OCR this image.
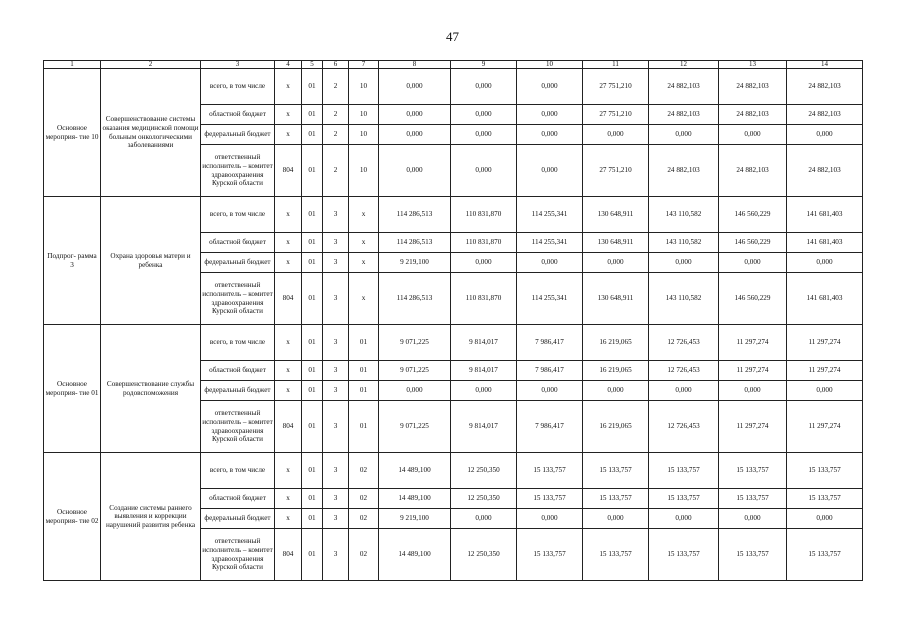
47
1	2	3	4	5	6	7	8	9	10	11	12	13	14
Основное мероприя- тие 10	Совершенствование системы оказания медицинской помощи больным онкологическими заболеваниями	всего, в том числе	х	01	2	10	0,000	0,000	0,000	27 751,210	24 882,103	24 882,103	24 882,103
		областной бюджет	х	01	2	10	0,000	0,000	0,000	27 751,210	24 882,103	24 882,103	24 882,103
		федеральный бюджет	х	01	2	10	0,000	0,000	0,000	0,000	0,000	0,000	0,000
		ответственный исполнитель – комитет здравоохранения Курской области	804	01	2	10	0,000	0,000	0,000	27 751,210	24 882,103	24 882,103	24 882,103
Подпрог- рамма 3	Охрана здоровья матери и ребенка	всего, в том числе	х	01	3	х	114 286,513	110 831,870	114 255,341	130 648,911	143 110,582	146 560,229	141 681,403
		областной бюджет	х	01	3	х	114 286,513	110 831,870	114 255,341	130 648,911	143 110,582	146 560,229	141 681,403
		федеральный бюджет	х	01	3	х	9 219,100	0,000	0,000	0,000	0,000	0,000	0,000
		ответственный исполнитель – комитет здравоохранения Курской области	804	01	3	х	114 286,513	110 831,870	114 255,341	130 648,911	143 110,582	146 560,229	141 681,403
Основное мероприя- тие 01	Совершенствование службы родовспоможения	всего, в том числе	х	01	3	01	9 071,225	9 814,017	7 986,417	16 219,065	12 726,453	11 297,274	11 297,274
		областной бюджет	х	01	3	01	9 071,225	9 814,017	7 986,417	16 219,065	12 726,453	11 297,274	11 297,274
		федеральный бюджет	х	01	3	01	0,000	0,000	0,000	0,000	0,000	0,000	0,000
		ответственный исполнитель – комитет здравоохранения Курской области	804	01	3	01	9 071,225	9 814,017	7 986,417	16 219,065	12 726,453	11 297,274	11 297,274
Основное мероприя- тие 02	Создание системы раннего выявления и коррекции нарушений развития ребенка	всего, в том числе	х	01	3	02	14 489,100	12 250,350	15 133,757	15 133,757	15 133,757	15 133,757	15 133,757
		областной бюджет	х	01	3	02	14 489,100	12 250,350	15 133,757	15 133,757	15 133,757	15 133,757	15 133,757
		федеральный бюджет	х	01	3	02	9 219,100	0,000	0,000	0,000	0,000	0,000	0,000
		ответственный исполнитель – комитет здравоохранения Курской области	804	01	3	02	14 489,100	12 250,350	15 133,757	15 133,757	15 133,757	15 133,757	15 133,757
